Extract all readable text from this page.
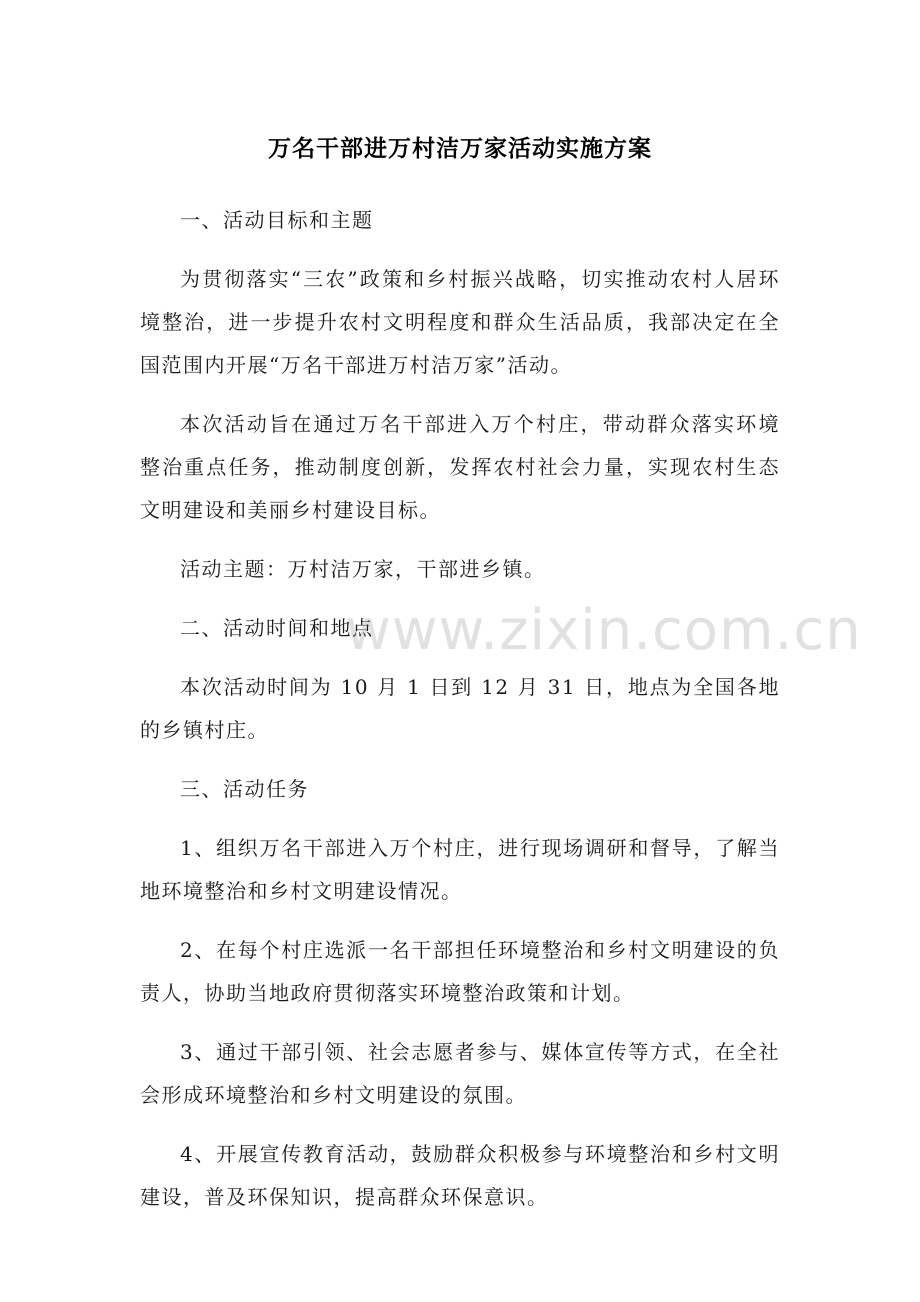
万名干部进万村洁万家活动实施方案

一、活动目标和主题

为贯彻落实“三农”政策和乡村振兴战略，切实推动农村人居环境整治，进一步提升农村文明程度和群众生活品质，我部决定在全国范围内开展“万名干部进万村洁万家”活动。

本次活动旨在通过万名干部进入万个村庄，带动群众落实环境整治重点任务，推动制度创新，发挥农村社会力量，实现农村生态文明建设和美丽乡村建设目标。

活动主题：万村洁万家，干部进乡镇。

二、活动时间和地点

本次活动时间为 10 月 1 日到 12 月 31 日，地点为全国各地的乡镇村庄。

三、活动任务

1、组织万名干部进入万个村庄，进行现场调研和督导，了解当地环境整治和乡村文明建设情况。

2、在每个村庄选派一名干部担任环境整治和乡村文明建设的负责人，协助当地政府贯彻落实环境整治政策和计划。

3、通过干部引领、社会志愿者参与、媒体宣传等方式，在全社会形成环境整治和乡村文明建设的氛围。

4、开展宣传教育活动，鼓励群众积极参与环境整治和乡村文明建设，普及环保知识，提高群众环保意识。

www.zixin.com.cn
